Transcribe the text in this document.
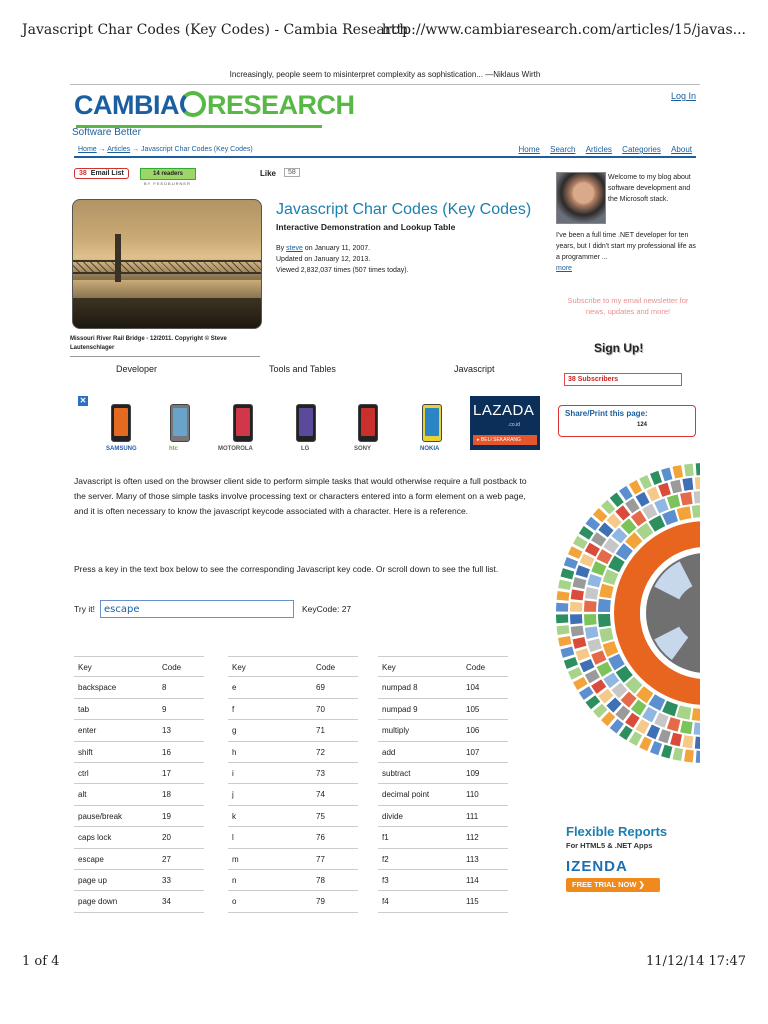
Javascript Char Codes (Key Codes) - Cambia Research
http://www.cambiaresearch.com/articles/15/javas...
Increasingly, people seem to misinterpret complexity as sophistication... —Niklaus Wirth
CAMBIA RESEARCH
Software Better
Log In
Home → Articles → Javascript Char Codes (Key Codes)	Home Search Articles Categories About
38 Email List	14 readers
BY FEEDBURNER
Like	58
Missouri River Rail Bridge - 12/2011. Copyright © Steve Lautenschlager
Javascript Char Codes (Key Codes)
Interactive Demonstration and Lookup Table
By steve on January 11, 2007.
Updated on January 12, 2013.
Viewed 2,832,037 times (507 times today).
Developer	Tools and Tables	Javascript
✕
SAMSUNG	htc	MOTOROLA	LG	SONY	NOKIA
LAZADA
.co.id
▸ BELI SEKARANG

Javascript is often used on the browser client side to perform simple tasks that would otherwise require a full postback to the server. Many of those simple tasks involve processing text or characters entered into a form element on a web page, and it is often necessary to know the javascript keycode associated with a character. Here is a reference.

Press a key in the text box below to see the corresponding Javascript key code. Or scroll down to see the full list.

Try it!
escape	KeyCode: 27
Key	Code
backspace	8
tab	9
enter	13
shift	16
ctrl	17
alt	18
pause/break	19
caps lock	20
escape	27
page up	33
page down	34
Key	Code
e	69
f	70
g	71
h	72
i	73
j	74
k	75
l	76
m	77
n	78
o	79
Key	Code
numpad 8	104
numpad 9	105
multiply	106
add	107
subtract	109
decimal point	110
divide	111
f1	112
f2	113
f3	114
f4	115
Welcome to my blog about software development and the Microsoft stack.
I've been a full time .NET developer for ten years, but I didn't start my professional life as a programmer ...
more
Subscribe to my email newsletter for news, updates and more!
Sign Up!
38 Subscribers
Share/Print this page:
124
Flexible Reports
For HTML5 & .NET Apps
IZENDA
FREE TRIAL NOW ❯
1 of 4	11/12/14 17:47
